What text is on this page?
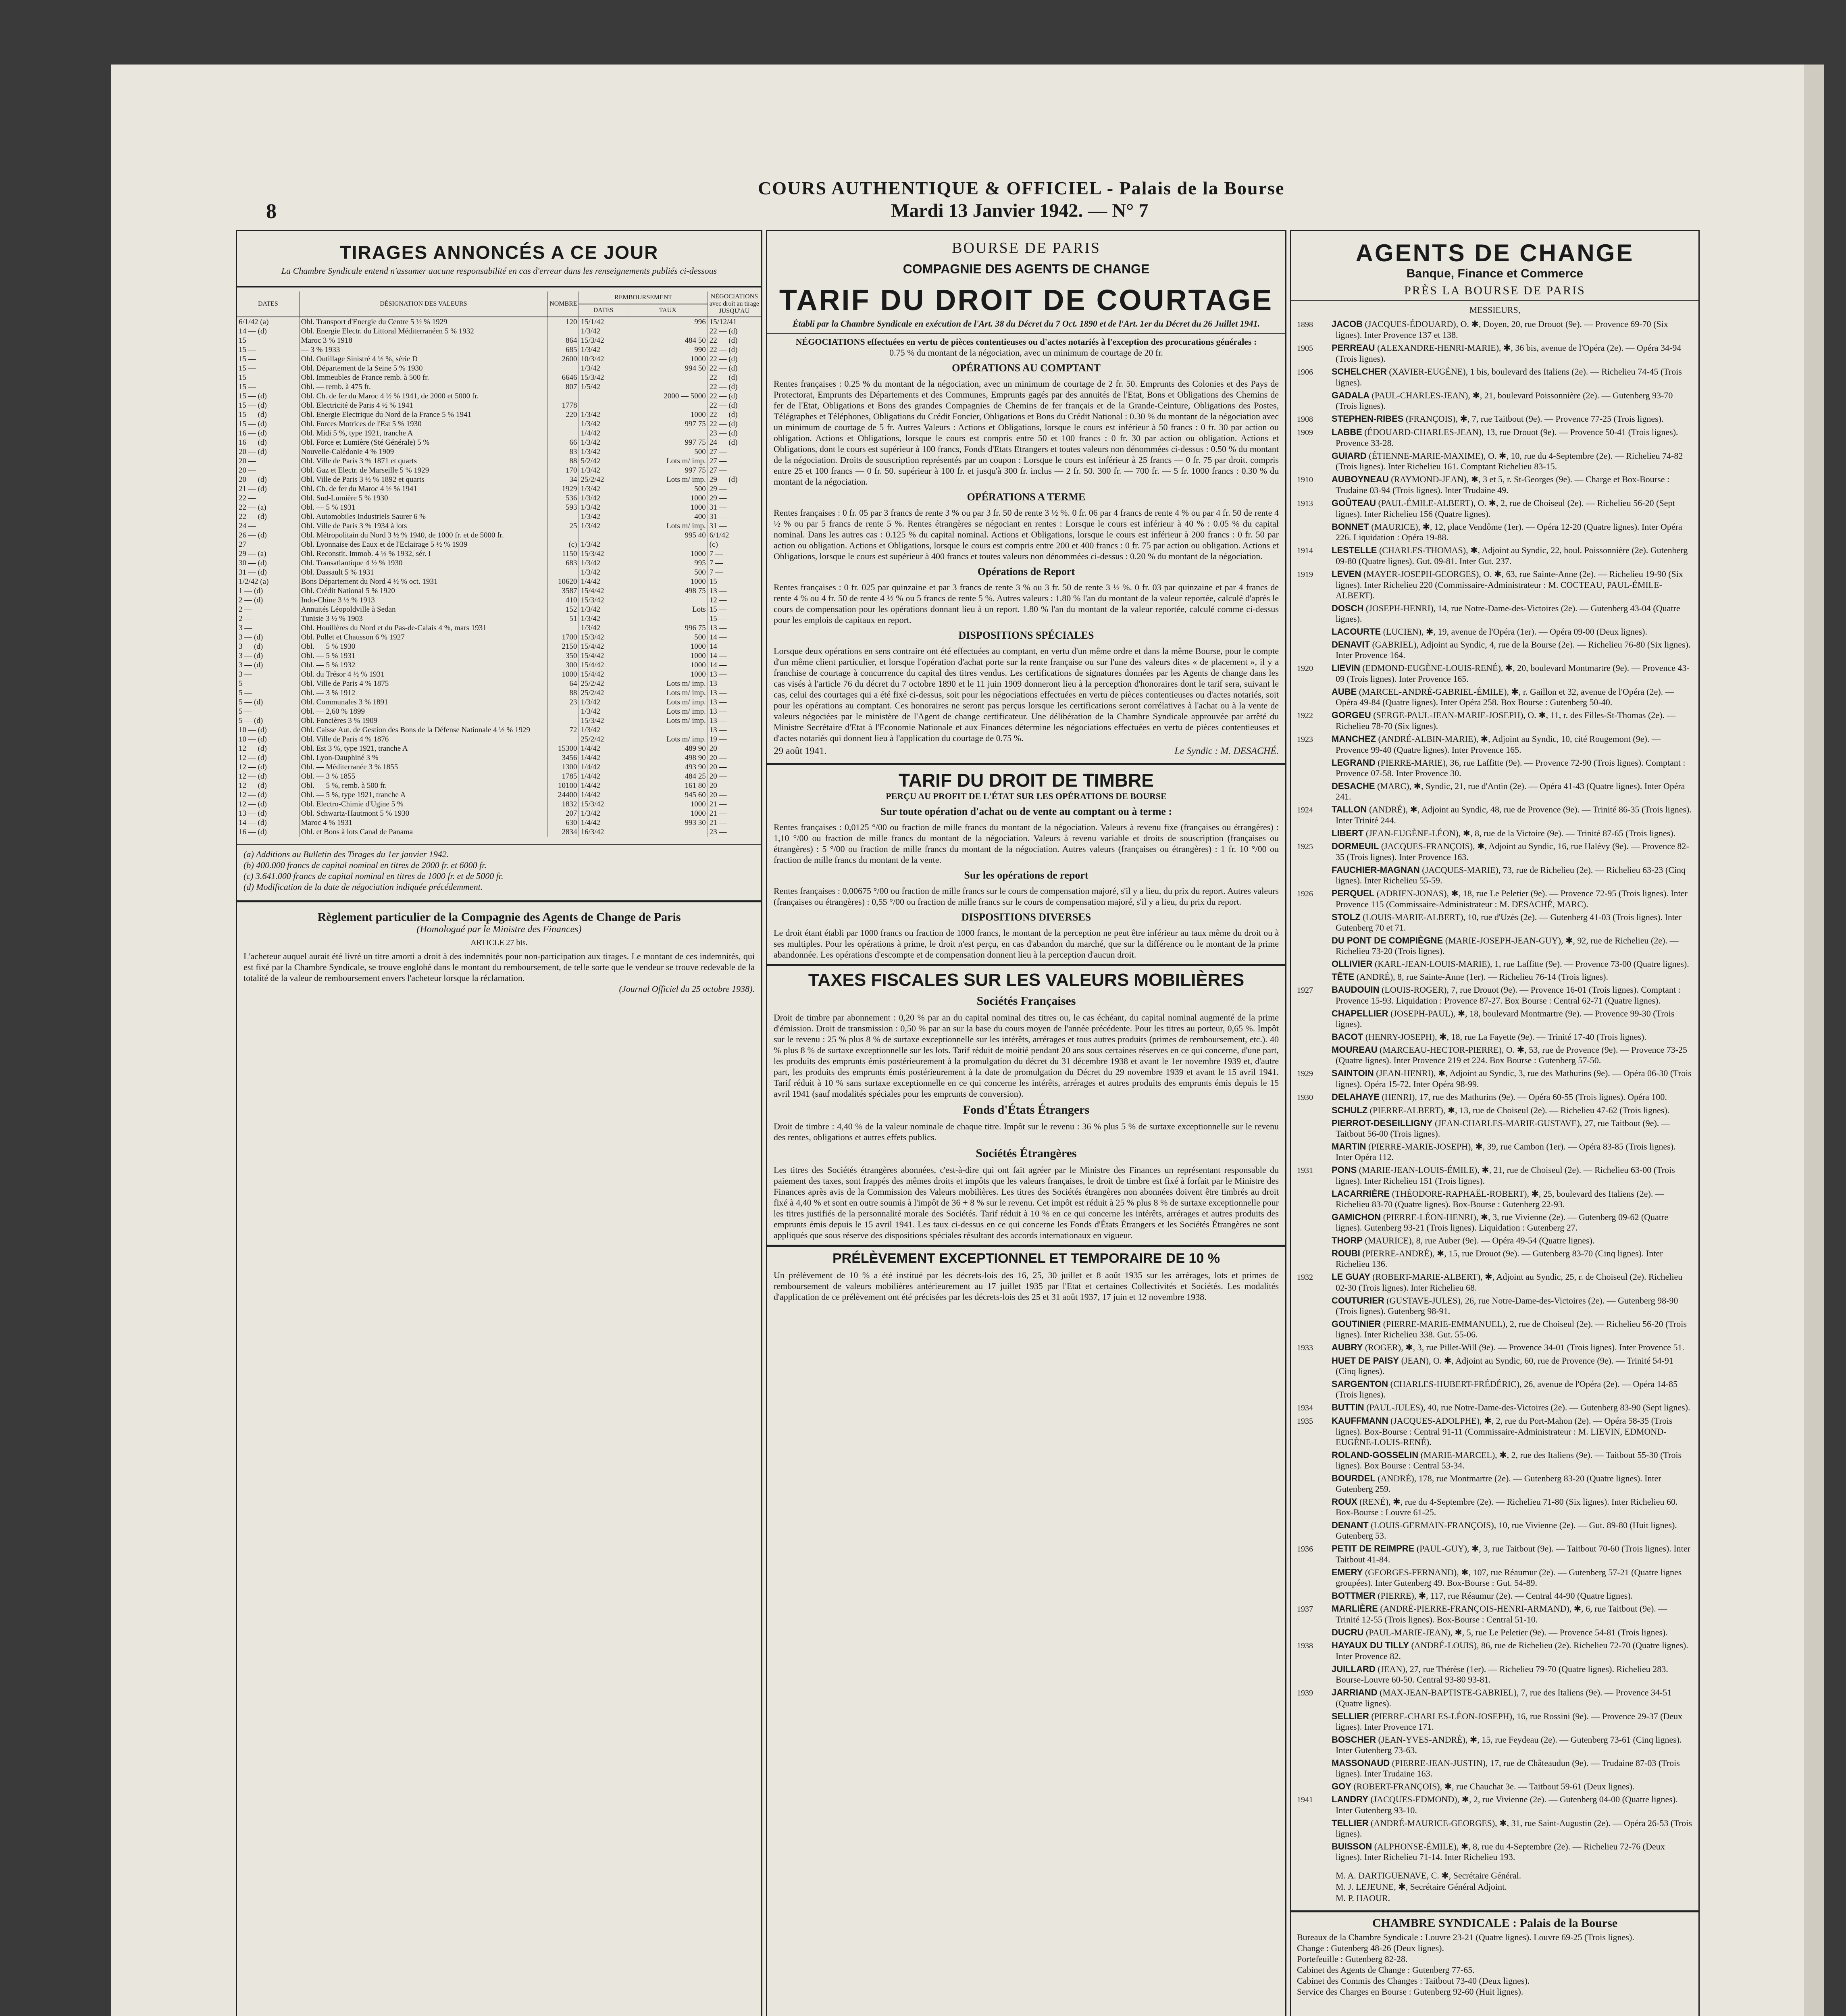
8
COURS AUTHENTIQUE & OFFICIEL - Palais de la Bourse
Mardi 13 Janvier 1942. — N° 7
TIRAGES ANNONCÉS A CE JOUR
La Chambre Syndicale entend n'assumer aucune responsabilité en cas d'erreur dans les renseignements publiés ci-dessous
DATES	DÉSIGNATION DES VALEURS	NOMBRE	REMBOURSEMENT		NÉGOCIATIONS avec droit au tirage JUSQU'AU
			DATES	TAUX	
6/1/42 (a)	Obl. Transport d'Energie du Centre 5 ½ % 1929	120	15/1/42	996	15/12/41
14 — (d)	Obl. Energie Electr. du Littoral Méditerranéen 5 % 1932		1/3/42		22 — (d)
15 —	Maroc 3 % 1918	864	15/3/42	484 50	22 — (d)
15 —	— 3 % 1933	685	1/3/42	990	22 — (d)
15 —	Obl. Outillage Sinistré 4 ½ %, série D	2600	10/3/42	1000	22 — (d)
15 —	Obl. Département de la Seine 5 % 1930		1/3/42	994 50	22 — (d)
15 —	Obl. Immeubles de France remb. à 500 fr.	6646	15/3/42		22 — (d)
15 —	Obl. — remb. à 475 fr.	807	1/5/42		22 — (d)
15 — (d)	Obl. Ch. de fer du Maroc 4 ½ % 1941, de 2000 et 5000 fr.			2000 — 5000	22 — (d)
15 — (d)	Obl. Electricité de Paris 4 ½ % 1941	1778			22 — (d)
15 — (d)	Obl. Energie Electrique du Nord de la France 5 % 1941	220	1/3/42	1000	22 — (d)
15 — (d)	Obl. Forces Motrices de l'Est 5 % 1930		1/3/42	997 75	22 — (d)
16 — (d)	Obl. Midi 5 %, type 1921, tranche A		1/4/42		23 — (d)
16 — (d)	Obl. Force et Lumière (Sté Générale) 5 %	66	1/3/42	997 75	24 — (d)
20 — (d)	Nouvelle-Calédonie 4 % 1909	83	1/3/42	500	27 —
20 —	Obl. Ville de Paris 3 % 1871 et quarts	88	5/2/42	Lots m/ imp.	27 —
20 —	Obl. Gaz et Electr. de Marseille 5 % 1929	170	1/3/42	997 75	27 —
20 — (d)	Obl. Ville de Paris 3 ½ % 1892 et quarts	34	25/2/42	Lots m/ imp.	29 — (d)
21 — (d)	Obl. Ch. de fer du Maroc 4 ½ % 1941	1929	1/3/42	500	29 —
22 —	Obl. Sud-Lumière 5 % 1930	536	1/3/42	1000	29 —
22 — (a)	Obl. — 5 % 1931	593	1/3/42	1000	31 —
22 — (d)	Obl. Automobiles Industriels Saurer 6 %		1/3/42	400	31 —
24 —	Obl. Ville de Paris 3 % 1934 à lots	25	1/3/42	Lots m/ imp.	31 —
26 — (d)	Obl. Métropolitain du Nord 3 ½ % 1940, de 1000 fr. et de 5000 fr.			995 40	6/1/42
27 —	Obl. Lyonnaise des Eaux et de l'Eclairage 5 ½ % 1939	(c)	1/3/42		(c)
29 — (a)	Obl. Reconstit. Immob. 4 ½ % 1932, sér. I	1150	15/3/42	1000	7 —
30 — (d)	Obl. Transatlantique 4 ½ % 1930	683	1/3/42	995	7 —
31 — (d)	Obl. Dassault 5 % 1931		1/3/42	500	7 —
1/2/42 (a)	Bons Département du Nord 4 ½ % oct. 1931	10620	1/4/42	1000	15 —
1 — (d)	Obl. Crédit National 5 % 1920	3587	15/4/42	498 75	13 —
2 — (d)	Indo-Chine 3 ½ % 1913	410	15/3/42		12 —
2 —	Annuités Léopoldville à Sedan	152	1/3/42	Lots	15 —
2 —	Tunisie 3 ½ % 1903	51	1/3/42		15 —
3 —	Obl. Houillères du Nord et du Pas-de-Calais 4 %, mars 1931		1/3/42	996 75	13 —
3 — (d)	Obl. Pollet et Chausson 6 % 1927	1700	15/3/42	500	14 —
3 — (d)	Obl. — 5 % 1930	2150	15/4/42	1000	14 —
3 — (d)	Obl. — 5 % 1931	350	15/4/42	1000	14 —
3 — (d)	Obl. — 5 % 1932	300	15/4/42	1000	14 —
3 —	Obl. du Trésor 4 ½ % 1931	1000	15/4/42	1000	13 —
5 —	Obl. Ville de Paris 4 % 1875	64	25/2/42	Lots m/ imp.	13 —
5 —	Obl. — 3 % 1912	88	25/2/42	Lots m/ imp.	13 —
5 — (d)	Obl. Communales 3 % 1891	23	1/3/42	Lots m/ imp.	13 —
5 —	Obl. — 2,60 % 1899		1/3/42	Lots m/ imp.	13 —
5 — (d)	Obl. Foncières 3 % 1909		15/3/42	Lots m/ imp.	13 —
10 — (d)	Obl. Caisse Aut. de Gestion des Bons de la Défense Nationale 4 ½ % 1929	72	1/3/42		13 —
10 — (d)	Obl. Ville de Paris 4 % 1876		25/2/42	Lots m/ imp.	19 —
12 — (d)	Obl. Est 3 %, type 1921, tranche A	15300	1/4/42	489 90	20 —
12 — (d)	Obl. Lyon-Dauphiné 3 %	3456	1/4/42	498 90	20 —
12 — (d)	Obl. — Méditerranée 3 % 1855	1300	1/4/42	493 90	20 —
12 — (d)	Obl. — 3 % 1855	1785	1/4/42	484 25	20 —
12 — (d)	Obl. — 5 %, remb. à 500 fr.	10100	1/4/42	161 80	20 —
12 — (d)	Obl. — 5 %, type 1921, tranche A	24400	1/4/42	945 60	20 —
12 — (d)	Obl. Electro-Chimie d'Ugine 5 %	1832	15/3/42	1000	21 —
13 — (d)	Obl. Schwartz-Hautmont 5 % 1930	207	1/3/42	1000	21 —
14 — (d)	Maroc 4 % 1931	630	1/4/42	993 30	21 —
16 — (d)	Obl. et Bons à lots Canal de Panama	2834	16/3/42		23 —

(a) Additions au Bulletin des Tirages du 1er janvier 1942.

(b) 400.000 francs de capital nominal en titres de 2000 fr. et 6000 fr.

(c) 3.641.000 francs de capital nominal en titres de 1000 fr. et de 5000 fr.

(d) Modification de la date de négociation indiquée précédemment.

Règlement particulier de la Compagnie des Agents de Change de Paris
(Homologué par le Ministre des Finances)
ARTICLE 27 bis.

L'acheteur auquel aurait été livré un titre amorti a droit à des indemnités pour non-participation aux tirages. Le montant de ces indemnités, qui est fixé par la Chambre Syndicale, se trouve englobé dans le montant du remboursement, de telle sorte que le vendeur se trouve redevable de la totalité de la valeur de remboursement envers l'acheteur lorsque la réclamation.

(Journal Officiel du 25 octobre 1938).

BOURSE DE PARIS
COMPAGNIE DES AGENTS DE CHANGE
TARIF DU DROIT DE COURTAGE
Établi par la Chambre Syndicale en exécution de l'Art. 38 du Décret du 7 Oct. 1890 et de l'Art. 1er du Décret du 26 Juillet 1941.

NÉGOCIATIONS effectuées en vertu de pièces contentieuses ou d'actes notariés à l'exception des procurations générales :

0.75 % du montant de la négociation, avec un minimum de courtage de 20 fr.

OPÉRATIONS AU COMPTANT

Rentes françaises : 0.25 % du montant de la négociation, avec un minimum de courtage de 2 fr. 50. Emprunts des Colonies et des Pays de Protectorat, Emprunts des Départements et des Communes, Emprunts gagés par des annuités de l'Etat, Bons et Obligations des Chemins de fer de l'Etat, Obligations et Bons des grandes Compagnies de Chemins de fer français et de la Grande-Ceinture, Obligations des Postes, Télégraphes et Téléphones, Obligations du Crédit Foncier, Obligations et Bons du Crédit National : 0.30 % du montant de la négociation avec un minimum de courtage de 5 fr. Autres Valeurs : Actions et Obligations, lorsque le cours est inférieur à 50 francs : 0 fr. 30 par action ou obligation. Actions et Obligations, lorsque le cours est compris entre 50 et 100 francs : 0 fr. 30 par action ou obligation. Actions et Obligations, dont le cours est supérieur à 100 francs, Fonds d'Etats Etrangers et toutes valeurs non dénommées ci-dessus : 0.50 % du montant de la négociation. Droits de souscription représentés par un coupon : Lorsque le cours est inférieur à 25 francs — 0 fr. 75 par droit. compris entre 25 et 100 francs — 0 fr. 50. supérieur à 100 fr. et jusqu'à 300 fr. inclus — 2 fr. 50. 300 fr. — 700 fr. — 5 fr. 1000 francs : 0.30 % du montant de la négociation.

OPÉRATIONS A TERME

Rentes françaises : 0 fr. 05 par 3 francs de rente 3 % ou par 3 fr. 50 de rente 3 ½ %. 0 fr. 06 par 4 francs de rente 4 % ou par 4 fr. 50 de rente 4 ½ % ou par 5 francs de rente 5 %. Rentes étrangères se négociant en rentes : Lorsque le cours est inférieur à 40 % : 0.05 % du capital nominal. Dans les autres cas : 0.125 % du capital nominal. Actions et Obligations, lorsque le cours est inférieur à 200 francs : 0 fr. 50 par action ou obligation. Actions et Obligations, lorsque le cours est compris entre 200 et 400 francs : 0 fr. 75 par action ou obligation. Actions et Obligations, lorsque le cours est supérieur à 400 francs et toutes valeurs non dénommées ci-dessus : 0.20 % du montant de la négociation.

Opérations de Report

Rentes françaises : 0 fr. 025 par quinzaine et par 3 francs de rente 3 % ou 3 fr. 50 de rente 3 ½ %. 0 fr. 03 par quinzaine et par 4 francs de rente 4 % ou 4 fr. 50 de rente 4 ½ % ou 5 francs de rente 5 %. Autres valeurs : 1.80 % l'an du montant de la valeur reportée, calculé d'après le cours de compensation pour les opérations donnant lieu à un report. 1.80 % l'an du montant de la valeur reportée, calculé comme ci-dessus pour les emplois de capitaux en report.

DISPOSITIONS SPÉCIALES

Lorsque deux opérations en sens contraire ont été effectuées au comptant, en vertu d'un même ordre et dans la même Bourse, pour le compte d'un même client particulier, et lorsque l'opération d'achat porte sur la rente française ou sur l'une des valeurs dites « de placement », il y a franchise de courtage à concurrence du capital des titres vendus. Les certifications de signatures données par les Agents de change dans les cas visés à l'article 76 du décret du 7 octobre 1890 et le 11 juin 1909 donneront lieu à la perception d'honoraires dont le tarif sera, suivant le cas, celui des courtages qui a été fixé ci-dessus, soit pour les négociations effectuées en vertu de pièces contentieuses ou d'actes notariés, soit pour les opérations au comptant. Ces honoraires ne seront pas perçus lorsque les certifications seront corrélatives à l'achat ou à la vente de valeurs négociées par le ministère de l'Agent de change certificateur. Une délibération de la Chambre Syndicale approuvée par arrêté du Ministre Secrétaire d'Etat à l'Economie Nationale et aux Finances détermine les négociations effectuées en vertu de pièces contentieuses et d'actes notariés qui donnent lieu à l'application du courtage de 0.75 %.

29 août 1941.	Le Syndic : M. DESACHÉ.
TARIF DU DROIT DE TIMBRE
PERÇU AU PROFIT DE L'ÉTAT SUR LES OPÉRATIONS DE BOURSE
Sur toute opération d'achat ou de vente au comptant ou à terme :

Rentes françaises : 0,0125 °/00 ou fraction de mille francs du montant de la négociation. Valeurs à revenu fixe (françaises ou étrangères) : 1,10 °/00 ou fraction de mille francs du montant de la négociation. Valeurs à revenu variable et droits de souscription (françaises ou étrangères) : 5 °/00 ou fraction de mille francs du montant de la négociation. Autres valeurs (françaises ou étrangères) : 1 fr. 10 °/00 ou fraction de mille francs du montant de la vente.

Sur les opérations de report

Rentes françaises : 0,00675 °/00 ou fraction de mille francs sur le cours de compensation majoré, s'il y a lieu, du prix du report. Autres valeurs (françaises ou étrangères) : 0,55 °/00 ou fraction de mille francs sur le cours de compensation majoré, s'il y a lieu, du prix du report.

DISPOSITIONS DIVERSES

Le droit étant établi par 1000 francs ou fraction de 1000 francs, le montant de la perception ne peut être inférieur au taux même du droit ou à ses multiples. Pour les opérations à prime, le droit n'est perçu, en cas d'abandon du marché, que sur la différence ou le montant de la prime abandonnée. Les opérations d'escompte et de compensation donnent lieu à la perception d'aucun droit.

TAXES FISCALES SUR LES VALEURS MOBILIÈRES
Sociétés Françaises

Droit de timbre par abonnement : 0,20 % par an du capital nominal des titres ou, le cas échéant, du capital nominal augmenté de la prime d'émission. Droit de transmission : 0,50 % par an sur la base du cours moyen de l'année précédente. Pour les titres au porteur, 0,65 %. Impôt sur le revenu : 25 % plus 8 % de surtaxe exceptionnelle sur les intérêts, arrérages et tous autres produits (primes de remboursement, etc.). 40 % plus 8 % de surtaxe exceptionnelle sur les lots. Tarif réduit de moitié pendant 20 ans sous certaines réserves en ce qui concerne, d'une part, les produits des emprunts émis postérieurement à la promulgation du décret du 31 décembre 1938 et avant le 1er novembre 1939 et, d'autre part, les produits des emprunts émis postérieurement à la date de promulgation du Décret du 29 novembre 1939 et avant le 15 avril 1941. Tarif réduit à 10 % sans surtaxe exceptionnelle en ce qui concerne les intérêts, arrérages et autres produits des emprunts émis depuis le 15 avril 1941 (sauf modalités spéciales pour les emprunts de conversion).

Fonds d'États Étrangers

Droit de timbre : 4,40 % de la valeur nominale de chaque titre. Impôt sur le revenu : 36 % plus 5 % de surtaxe exceptionnelle sur le revenu des rentes, obligations et autres effets publics.

Sociétés Étrangères

Les titres des Sociétés étrangères abonnées, c'est-à-dire qui ont fait agréer par le Ministre des Finances un représentant responsable du paiement des taxes, sont frappés des mêmes droits et impôts que les valeurs françaises, le droit de timbre est fixé à forfait par le Ministre des Finances après avis de la Commission des Valeurs mobilières. Les titres des Sociétés étrangères non abonnées doivent être timbrés au droit fixé à 4,40 % et sont en outre soumis à l'impôt de 36 + 8 % sur le revenu. Cet impôt est réduit à 25 % plus 8 % de surtaxe exceptionnelle pour les titres justifiés de la personnalité morale des Sociétés. Tarif réduit à 10 % en ce qui concerne les intérêts, arrérages et autres produits des emprunts émis depuis le 15 avril 1941. Les taux ci-dessus en ce qui concerne les Fonds d'États Étrangers et les Sociétés Étrangères ne sont appliqués que sous réserve des dispositions spéciales résultant des accords internationaux en vigueur.

PRÉLÈVEMENT EXCEPTIONNEL ET TEMPORAIRE DE 10 %

Un prélèvement de 10 % a été institué par les décrets-lois des 16, 25, 30 juillet et 8 août 1935 sur les arrérages, lots et primes de remboursement de valeurs mobilières antérieurement au 17 juillet 1935 par l'Etat et certaines Collectivités et Sociétés. Les modalités d'application de ce prélèvement ont été précisées par les décrets-lois des 25 et 31 août 1937, 17 juin et 12 novembre 1938.

AGENTS DE CHANGE
Banque, Finance et Commerce
PRÈS LA BOURSE DE PARIS
MESSIEURS,
1898 JACOB (JACQUES-ÉDOUARD), O. ✱, Doyen, 20, rue Drouot (9e). — Provence 69-70 (Six lignes). Inter Provence 137 et 138.
1905 PERREAU (ALEXANDRE-HENRI-MARIE), ✱, 36 bis, avenue de l'Opéra (2e). — Opéra 34-94 (Trois lignes).
1906 SCHELCHER (XAVIER-EUGÈNE), 1 bis, boulevard des Italiens (2e). — Richelieu 74-45 (Trois lignes).
GADALA (PAUL-CHARLES-JEAN), ✱, 21, boulevard Poissonnière (2e). — Gutenberg 93-70 (Trois lignes).
1908 STEPHEN-RIBES (FRANÇOIS), ✱, 7, rue Taitbout (9e). — Provence 77-25 (Trois lignes).
1909 LABBE (ÉDOUARD-CHARLES-JEAN), 13, rue Drouot (9e). — Provence 50-41 (Trois lignes). Provence 33-28.
GUIARD (ÉTIENNE-MARIE-MAXIME), O. ✱, 10, rue du 4-Septembre (2e). — Richelieu 74-82 (Trois lignes). Inter Richelieu 161. Comptant Richelieu 83-15.
1910 AUBOYNEAU (RAYMOND-JEAN), ✱, 3 et 5, r. St-Georges (9e). — Charge et Box-Bourse : Trudaine 03-94 (Trois lignes). Inter Trudaine 49.
1913 GOÛTEAU (PAUL-ÉMILE-ALBERT), O. ✱, 2, rue de Choiseul (2e). — Richelieu 56-20 (Sept lignes). Inter Richelieu 156 (Quatre lignes).
BONNET (MAURICE), ✱, 12, place Vendôme (1er). — Opéra 12-20 (Quatre lignes). Inter Opéra 226. Liquidation : Opéra 19-88.
1914 LESTELLE (CHARLES-THOMAS), ✱, Adjoint au Syndic, 22, boul. Poissonnière (2e). Gutenberg 09-80 (Quatre lignes). Gut. 09-81. Inter Gut. 237.
1919 LEVEN (MAYER-JOSEPH-GEORGES), O. ✱, 63, rue Sainte-Anne (2e). — Richelieu 19-90 (Six lignes). Inter Richelieu 220 (Commissaire-Administrateur : M. COCTEAU, PAUL-ÉMILE-ALBERT).
DOSCH (JOSEPH-HENRI), 14, rue Notre-Dame-des-Victoires (2e). — Gutenberg 43-04 (Quatre lignes).
LACOURTE (LUCIEN), ✱, 19, avenue de l'Opéra (1er). — Opéra 09-00 (Deux lignes).
DENAVIT (GABRIEL), Adjoint au Syndic, 4, rue de la Bourse (2e). — Richelieu 76-80 (Six lignes). Inter Provence 164.
1920 LIEVIN (EDMOND-EUGÈNE-LOUIS-RENÉ), ✱, 20, boulevard Montmartre (9e). — Provence 43-09 (Trois lignes). Inter Provence 165.
AUBE (MARCEL-ANDRÉ-GABRIEL-ÉMILE), ✱, r. Gaillon et 32, avenue de l'Opéra (2e). — Opéra 49-84 (Quatre lignes). Inter Opéra 258. Box Bourse : Gutenberg 50-40.
1922 GORGEU (SERGE-PAUL-JEAN-MARIE-JOSEPH), O. ✱, 11, r. des Filles-St-Thomas (2e). — Richelieu 78-70 (Six lignes).
1923 MANCHEZ (ANDRÉ-ALBIN-MARIE), ✱, Adjoint au Syndic, 10, cité Rougemont (9e). — Provence 99-40 (Quatre lignes). Inter Provence 165.
LEGRAND (PIERRE-MARIE), 36, rue Laffitte (9e). — Provence 72-90 (Trois lignes). Comptant : Provence 07-58. Inter Provence 30.
DESACHE (MARC), ✱, Syndic, 21, rue d'Antin (2e). — Opéra 41-43 (Quatre lignes). Inter Opéra 241.
1924 TALLON (ANDRÉ), ✱, Adjoint au Syndic, 48, rue de Provence (9e). — Trinité 86-35 (Trois lignes). Inter Trinité 244.
LIBERT (JEAN-EUGÈNE-LÉON), ✱, 8, rue de la Victoire (9e). — Trinité 87-65 (Trois lignes).
1925 DORMEUIL (JACQUES-FRANÇOIS), ✱, Adjoint au Syndic, 16, rue Halévy (9e). — Provence 82-35 (Trois lignes). Inter Provence 163.
FAUCHIER-MAGNAN (JACQUES-MARIE), 73, rue de Richelieu (2e). — Richelieu 63-23 (Cinq lignes). Inter Richelieu 55-59.
1926 PERQUEL (ADRIEN-JONAS), ✱, 18, rue Le Peletier (9e). — Provence 72-95 (Trois lignes). Inter Provence 115 (Commissaire-Administrateur : M. DESACHÉ, MARC).
STOLZ (LOUIS-MARIE-ALBERT), 10, rue d'Uzès (2e). — Gutenberg 41-03 (Trois lignes). Inter Gutenberg 70 et 71.
DU PONT DE COMPIÈGNE (MARIE-JOSEPH-JEAN-GUY), ✱, 92, rue de Richelieu (2e). — Richelieu 73-20 (Trois lignes).
OLLIVIER (KARL-JEAN-LOUIS-MARIE), 1, rue Laffitte (9e). — Provence 73-00 (Quatre lignes).
TÊTE (ANDRÉ), 8, rue Sainte-Anne (1er). — Richelieu 76-14 (Trois lignes).
1927 BAUDOUIN (LOUIS-ROGER), 7, rue Drouot (9e). — Provence 16-01 (Trois lignes). Comptant : Provence 15-93. Liquidation : Provence 87-27. Box Bourse : Central 62-71 (Quatre lignes).
CHAPELLIER (JOSEPH-PAUL), ✱, 18, boulevard Montmartre (9e). — Provence 99-30 (Trois lignes).
BACOT (HENRY-JOSEPH), ✱, 18, rue La Fayette (9e). — Trinité 17-40 (Trois lignes).
MOUREAU (MARCEAU-HECTOR-PIERRE), O. ✱, 53, rue de Provence (9e). — Provence 73-25 (Quatre lignes). Inter Provence 219 et 224. Box Bourse : Gutenberg 57-50.
1929 SAINTOIN (JEAN-HENRI), ✱, Adjoint au Syndic, 3, rue des Mathurins (9e). — Opéra 06-30 (Trois lignes). Opéra 15-72. Inter Opéra 98-99.
1930 DELAHAYE (HENRI), 17, rue des Mathurins (9e). — Opéra 60-55 (Trois lignes). Opéra 100.
SCHULZ (PIERRE-ALBERT), ✱, 13, rue de Choiseul (2e). — Richelieu 47-62 (Trois lignes).
PIERROT-DESEILLIGNY (JEAN-CHARLES-MARIE-GUSTAVE), 27, rue Taitbout (9e). — Taitbout 56-00 (Trois lignes).
MARTIN (PIERRE-MARIE-JOSEPH), ✱, 39, rue Cambon (1er). — Opéra 83-85 (Trois lignes). Inter Opéra 112.
1931 PONS (MARIE-JEAN-LOUIS-ÉMILE), ✱, 21, rue de Choiseul (2e). — Richelieu 63-00 (Trois lignes). Inter Richelieu 151 (Trois lignes).
LACARRIÈRE (THÉODORE-RAPHAËL-ROBERT), ✱, 25, boulevard des Italiens (2e). — Richelieu 83-70 (Quatre lignes). Box-Bourse : Gutenberg 22-93.
GAMICHON (PIERRE-LÉON-HENRI), ✱, 3, rue Vivienne (2e). — Gutenberg 09-62 (Quatre lignes). Gutenberg 93-21 (Trois lignes). Liquidation : Gutenberg 27.
THORP (MAURICE), 8, rue Auber (9e). — Opéra 49-54 (Quatre lignes).
ROUBI (PIERRE-ANDRÉ), ✱, 15, rue Drouot (9e). — Gutenberg 83-70 (Cinq lignes). Inter Richelieu 136.
1932 LE GUAY (ROBERT-MARIE-ALBERT), ✱, Adjoint au Syndic, 25, r. de Choiseul (2e). Richelieu 02-30 (Trois lignes). Inter Richelieu 68.
COUTURIER (GUSTAVE-JULES), 26, rue Notre-Dame-des-Victoires (2e). — Gutenberg 98-90 (Trois lignes). Gutenberg 98-91.
GOUTINIER (PIERRE-MARIE-EMMANUEL), 2, rue de Choiseul (2e). — Richelieu 56-20 (Trois lignes). Inter Richelieu 338. Gut. 55-06.
1933 AUBRY (ROGER), ✱, 3, rue Pillet-Will (9e). — Provence 34-01 (Trois lignes). Inter Provence 51.
HUET DE PAISY (JEAN), O. ✱, Adjoint au Syndic, 60, rue de Provence (9e). — Trinité 54-91 (Cinq lignes).
SARGENTON (CHARLES-HUBERT-FRÉDÉRIC), 26, avenue de l'Opéra (2e). — Opéra 14-85 (Trois lignes).
1934 BUTTIN (PAUL-JULES), 40, rue Notre-Dame-des-Victoires (2e). — Gutenberg 83-90 (Sept lignes).
1935 KAUFFMANN (JACQUES-ADOLPHE), ✱, 2, rue du Port-Mahon (2e). — Opéra 58-35 (Trois lignes). Box-Bourse : Central 91-11 (Commissaire-Administrateur : M. LIEVIN, EDMOND-EUGÈNE-LOUIS-RENÉ).
ROLAND-GOSSELIN (MARIE-MARCEL), ✱, 2, rue des Italiens (9e). — Taitbout 55-30 (Trois lignes). Box Bourse : Central 53-34.
BOURDEL (ANDRÉ), 178, rue Montmartre (2e). — Gutenberg 83-20 (Quatre lignes). Inter Gutenberg 259.
ROUX (RENÉ), ✱, rue du 4-Septembre (2e). — Richelieu 71-80 (Six lignes). Inter Richelieu 60. Box-Bourse : Louvre 61-25.
DENANT (LOUIS-GERMAIN-FRANÇOIS), 10, rue Vivienne (2e). — Gut. 89-80 (Huit lignes). Gutenberg 53.
1936 PETIT DE REIMPRE (PAUL-GUY), ✱, 3, rue Taitbout (9e). — Taitbout 70-60 (Trois lignes). Inter Taitbout 41-84.
EMERY (GEORGES-FERNAND), ✱, 107, rue Réaumur (2e). — Gutenberg 57-21 (Quatre lignes groupées). Inter Gutenberg 49. Box-Bourse : Gut. 54-89.
BOTTMER (PIERRE), ✱, 117, rue Réaumur (2e). — Central 44-90 (Quatre lignes).
1937 MARLIÈRE (ANDRÉ-PIERRE-FRANÇOIS-HENRI-ARMAND), ✱, 6, rue Taitbout (9e). — Trinité 12-55 (Trois lignes). Box-Bourse : Central 51-10.
DUCRU (PAUL-MARIE-JEAN), ✱, 5, rue Le Peletier (9e). — Provence 54-81 (Trois lignes).
1938 HAYAUX DU TILLY (ANDRÉ-LOUIS), 86, rue de Richelieu (2e). Richelieu 72-70 (Quatre lignes). Inter Provence 82.
JUILLARD (JEAN), 27, rue Thérèse (1er). — Richelieu 79-70 (Quatre lignes). Richelieu 283. Bourse-Louvre 60-50. Central 93-80 93-81.
1939 JARRIAND (MAX-JEAN-BAPTISTE-GABRIEL), 7, rue des Italiens (9e). — Provence 34-51 (Quatre lignes).
SELLIER (PIERRE-CHARLES-LÉON-JOSEPH), 16, rue Rossini (9e). — Provence 29-37 (Deux lignes). Inter Provence 171.
BOSCHER (JEAN-YVES-ANDRÉ), ✱, 15, rue Feydeau (2e). — Gutenberg 73-61 (Cinq lignes). Inter Gutenberg 73-63.
MASSONAUD (PIERRE-JEAN-JUSTIN), 17, rue de Châteaudun (9e). — Trudaine 87-03 (Trois lignes). Inter Trudaine 163.
GOY (ROBERT-FRANÇOIS), ✱, rue Chauchat 3e. — Taitbout 59-61 (Deux lignes).
1941 LANDRY (JACQUES-EDMOND), ✱, 2, rue Vivienne (2e). — Gutenberg 04-00 (Quatre lignes). Inter Gutenberg 93-10.
TELLIER (ANDRÉ-MAURICE-GEORGES), ✱, 31, rue Saint-Augustin (2e). — Opéra 26-53 (Trois lignes).
BUISSON (ALPHONSE-ÉMILE), ✱, 8, rue du 4-Septembre (2e). — Richelieu 72-76 (Deux lignes). Inter Richelieu 71-14. Inter Richelieu 193.
M. A. DARTIGUENAVE, C. ✱, Secrétaire Général.
M. J. LEJEUNE, ✱, Secrétaire Général Adjoint.
M. P. HAOUR.
CHAMBRE SYNDICALE : Palais de la Bourse
Bureaux de la Chambre Syndicale : Louvre 23-21 (Quatre lignes). Louvre 69-25 (Trois lignes).
Change : Gutenberg 48-26 (Deux lignes).
Portefeuille : Gutenberg 82-28.
Cabinet des Agents de Change : Gutenberg 77-65.
Cabinet des Commis des Changes : Taitbout 73-40 (Deux lignes).
Service des Charges en Bourse : Gutenberg 92-60 (Huit lignes).
